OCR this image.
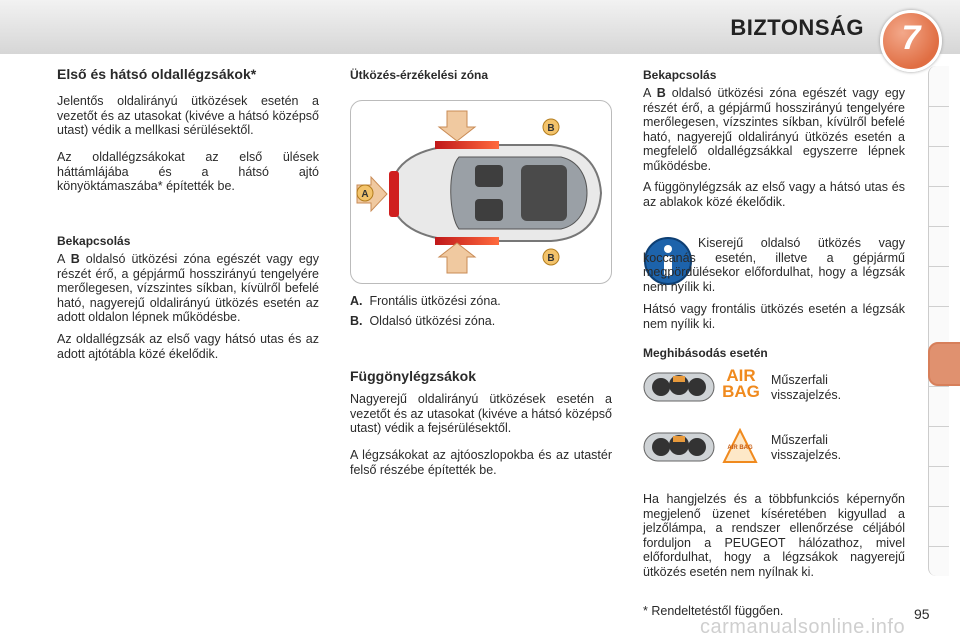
BIZTONSÁG	7
Első és hátsó oldallégzsákok*
Jelentős oldalirányú ütközések esetén a vezetőt és az utasokat (kivéve a hátsó középső utast) védik a mellkasi sérülésektől.
Az oldallégzsákokat az első ülések háttámlájába és a hátsó ajtó könyöktámaszába* építették be.
Bekapcsolás
A B oldalsó ütközési zóna egészét vagy egy részét érő, a gépjármű hosszirányú tengelyére merőlegesen, vízszintes síkban, kívülről befelé ható, nagyerejű oldalirányú ütközés esetén az adott oldalon lépnek működésbe.
Az oldallégzsák az első vagy hátsó utas és az adott ajtótábla közé ékelődik.
Ütközés-érzékelési zóna
A
B
B
A. Frontális ütközési zóna.
B. Oldalsó ütközési zóna.
Függönylégzsákok
Nagyerejű oldalirányú ütközések esetén a vezetőt és az utasokat (kivéve a hátsó középső utast) védik a fejsérülésektől.
A légzsákokat az ajtóoszlopokba és az utastér felső részébe építették be.
Bekapcsolás
A B oldalsó ütközési zóna egészét vagy egy részét érő, a gépjármű hosszirányú tengelyére merőlegesen, vízszintes síkban, kívülről befelé ható, nagyerejű oldalirányú ütközés esetén a megfelelő oldallégzsákkal egyszerre lépnek működésbe.
A függönylégzsák az első vagy a hátsó utas és az ablakok közé ékelődik.
Kiserejű oldalsó ütközés vagy koccanás esetén, illetve a gépjármű megpördülésekor előfordulhat, hogy a légzsák nem nyílik ki.
Hátsó vagy frontális ütközés esetén a légzsák nem nyílik ki.
Meghibásodás esetén
AIR
BAG
Műszerfali visszajelzés.
AIR BAG
Műszerfali visszajelzés.
Ha hangjelzés és a többfunkciós képernyőn megjelenő üzenet kíséretében kigyullad a jelzőlámpa, a rendszer ellenőrzése céljából forduljon a PEUGEOT hálózathoz, mivel előfordulhat, hogy a légzsákok nagyerejű ütközés esetén nem nyílnak ki.
* Rendeltetéstől függően.
carmanualsonline.info
95
